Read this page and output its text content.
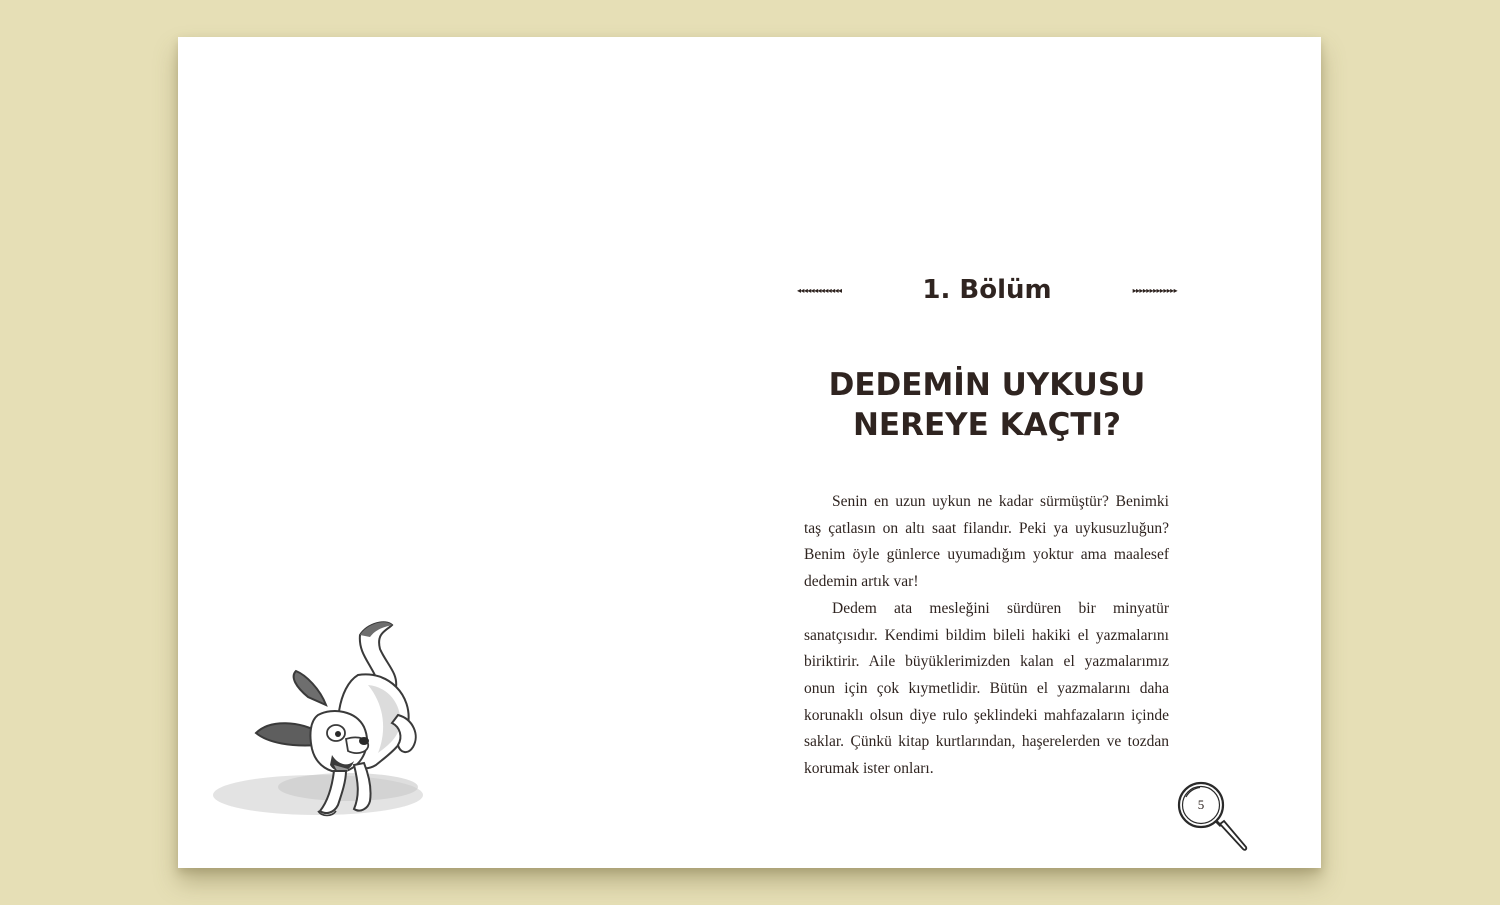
◂◂◂◂◂◂◂◂◂◂◂◂◂	1. Bölüm	▸▸▸▸▸▸▸▸▸▸▸▸▸
DEDEMİN UYKUSU
NEREYE KAÇTI?

Senin en uzun uykun ne kadar sürmüştür? Benimki taş çatlasın on altı saat filandır. Peki ya uykusuzluğun? Benim öyle günlerce uyumadığım yoktur ama maalesef dedemin artık var!

Dedem ata mesleğini sürdüren bir minyatür sanatçısıdır. Kendimi bildim bileli hakiki el yazmalarını biriktirir. Aile büyüklerimizden kalan el yazmalarımız onun için çok kıymetlidir. Bütün el yazmalarını daha korunaklı olsun diye rulo şeklindeki mahfazaların içinde saklar. Çünkü kitap kurtlarından, haşerelerden ve tozdan korumak ister onları.

5
